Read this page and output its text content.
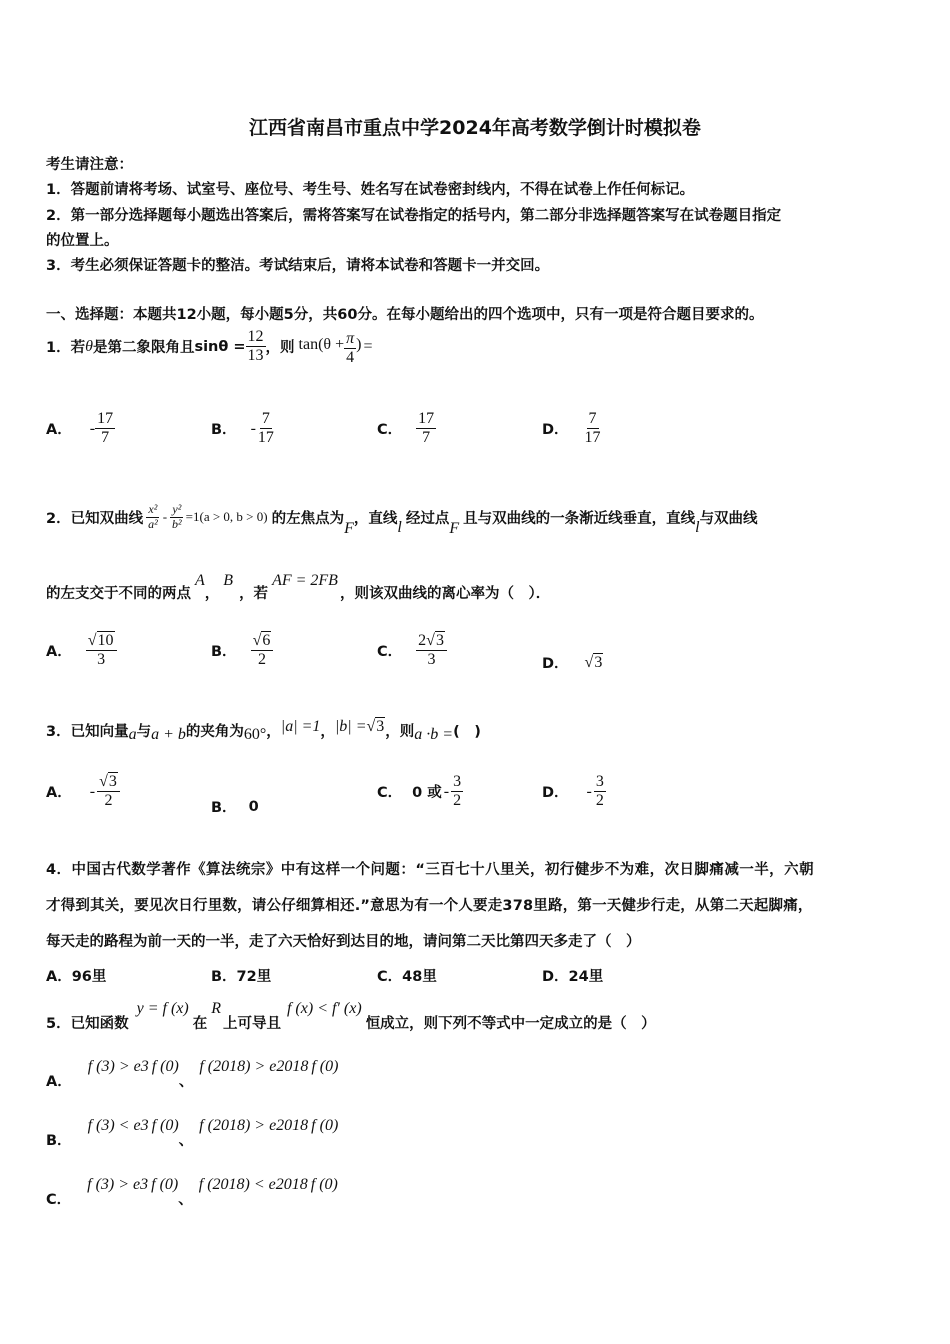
江西省南昌市重点中学2024年高考数学倒计时模拟卷
考生请注意：
1．答题前请将考场、试室号、座位号、考生号、姓名写在试卷密封线内，不得在试卷上作任何标记。
2．第一部分选择题每小题选出答案后，需将答案写在试卷指定的括号内，第二部分非选择题答案写在试卷题目指定
的位置上。
3．考生必须保证答题卡的整洁。考试结束后，请将本试卷和答题卡一并交回。
一、选择题：本题共12小题，每小题5分，共60分。在每小题给出的四个选项中，只有一项是符合题目要求的。
1．若 θ 是第二象限角且 $\sin\theta = \frac{12}{13}$ ，则 $\tan(\theta + \frac{\pi}{4}$ ) =
A． - $\frac{17}{7}$	B． - $\frac{7}{17}$	C． $\frac{17}{7}$	D． $\frac{7}{17}$
2．已知双曲线 $\frac{\text{x²}}{\text{a²}} - \frac{\text{y²}}{\text{b²}} =1(a > 0$, b > 0) 的左焦点为
F
，直线
l
经过点
F
且与双曲线的一条渐近线垂直，直线
l
与双曲线
的左支交于不同的两点
A
，
B
，若
AF = 2FB
，则该双曲线的离心率为（　）．
A． $\frac{√10}{3}$	B． $\frac{√6}{2}$	C． $\frac{2√3}{3}$	D． √3
3．已知向量 a 与 a + b 的夹角为 60° ， |a| =1 ， |b| = √3 ，则 a ·b = (　)
A． - $\frac{√3}{2}$	B． 0
C． 0 或 - $\frac{3}{2}$	D． - $\frac{3}{2}$
4．中国古代数学著作《算法统宗》中有这样一个问题：“三百七十八里关，初行健步不为难，次日脚痛减一半，六朝
才得到其关，要见次日行里数，请公仔细算相还.”意思为有一个人要走378里路，第一天健步行走，从第二天起脚痛，
每天走的路程为前一天的一半，走了六天恰好到达目的地，请问第二天比第四天多走了（　）
A．96里	B．72里	C．48里	D．24里
5．已知函数
y = f (x)
在
R
上可导且
f (x) < f′ (x)
恒成立，则下列不等式中一定成立的是（　）
A．
f (3) > e 3 f (0)
、
f (2018) > e 2018 f (0)
B．
f (3) < e 3 f (0)
、
f (2018) > e 2018 f (0)
C．
f (3) > e 3 f (0)
、
f (2018) < e 2018 f (0)
